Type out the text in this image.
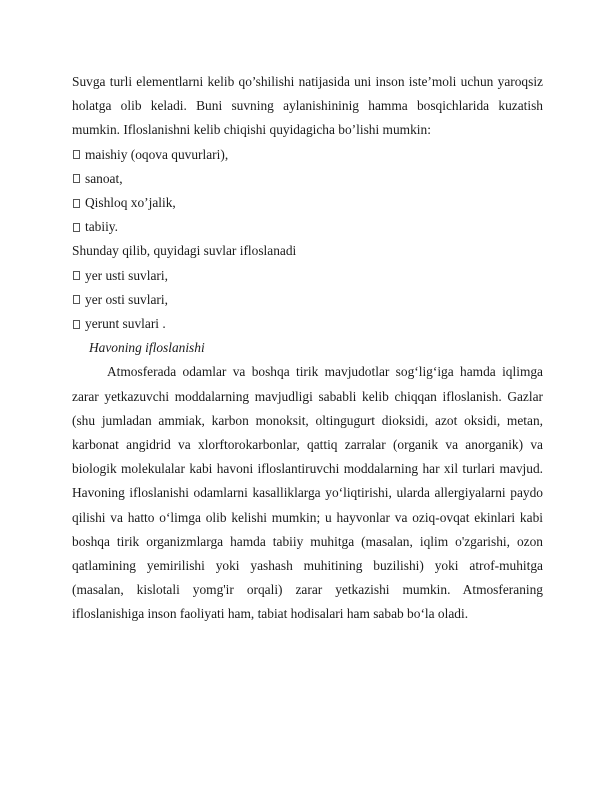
Suvga turli elementlarni kelib qo’shilishi natijasida uni inson iste’moli uchun yaroqsiz holatga olib keladi. Buni suvning aylanishininig hamma bosqichlarida kuzatish mumkin. Ifloslanishni kelib chiqishi quyidagicha bo’lishi mumkin:

maishiy (oqova quvurlari),
sanoat,
Qishloq xo’jalik,
tabiiy.

Shunday qilib, quyidagi suvlar ifloslanadi

yer usti suvlari,
yer osti suvlari,
yerunt suvlari .

Havoning ifloslanishi

Atmosferada odamlar va boshqa tirik mavjudotlar sog‘lig‘iga hamda iqlimga zarar yetkazuvchi moddalarning mavjudligi sababli kelib chiqqan ifloslanish. Gazlar (shu jumladan ammiak, karbon monoksit, oltingugurt dioksidi, azot oksidi, metan, karbonat angidrid va xlorftorokarbonlar, qattiq zarralar (organik va anorganik) va biologik molekulalar kabi havoni ifloslantiruvchi moddalarning har xil turlari mavjud. Havoning ifloslanishi odamlarni kasalliklarga yo‘liqtirishi, ularda allergiyalarni paydo qilishi va hatto o‘limga olib kelishi mumkin; u hayvonlar va oziq-ovqat ekinlari kabi boshqa tirik organizmlarga hamda tabiiy muhitga (masalan, iqlim o'zgarishi, ozon qatlamining yemirilishi yoki yashash muhitining buzilishi) yoki atrof-muhitga (masalan, kislotali yomg'ir orqali) zarar yetkazishi mumkin. Atmosferaning ifloslanishiga inson faoliyati ham, tabiat hodisalari ham sabab bo‘la oladi.
